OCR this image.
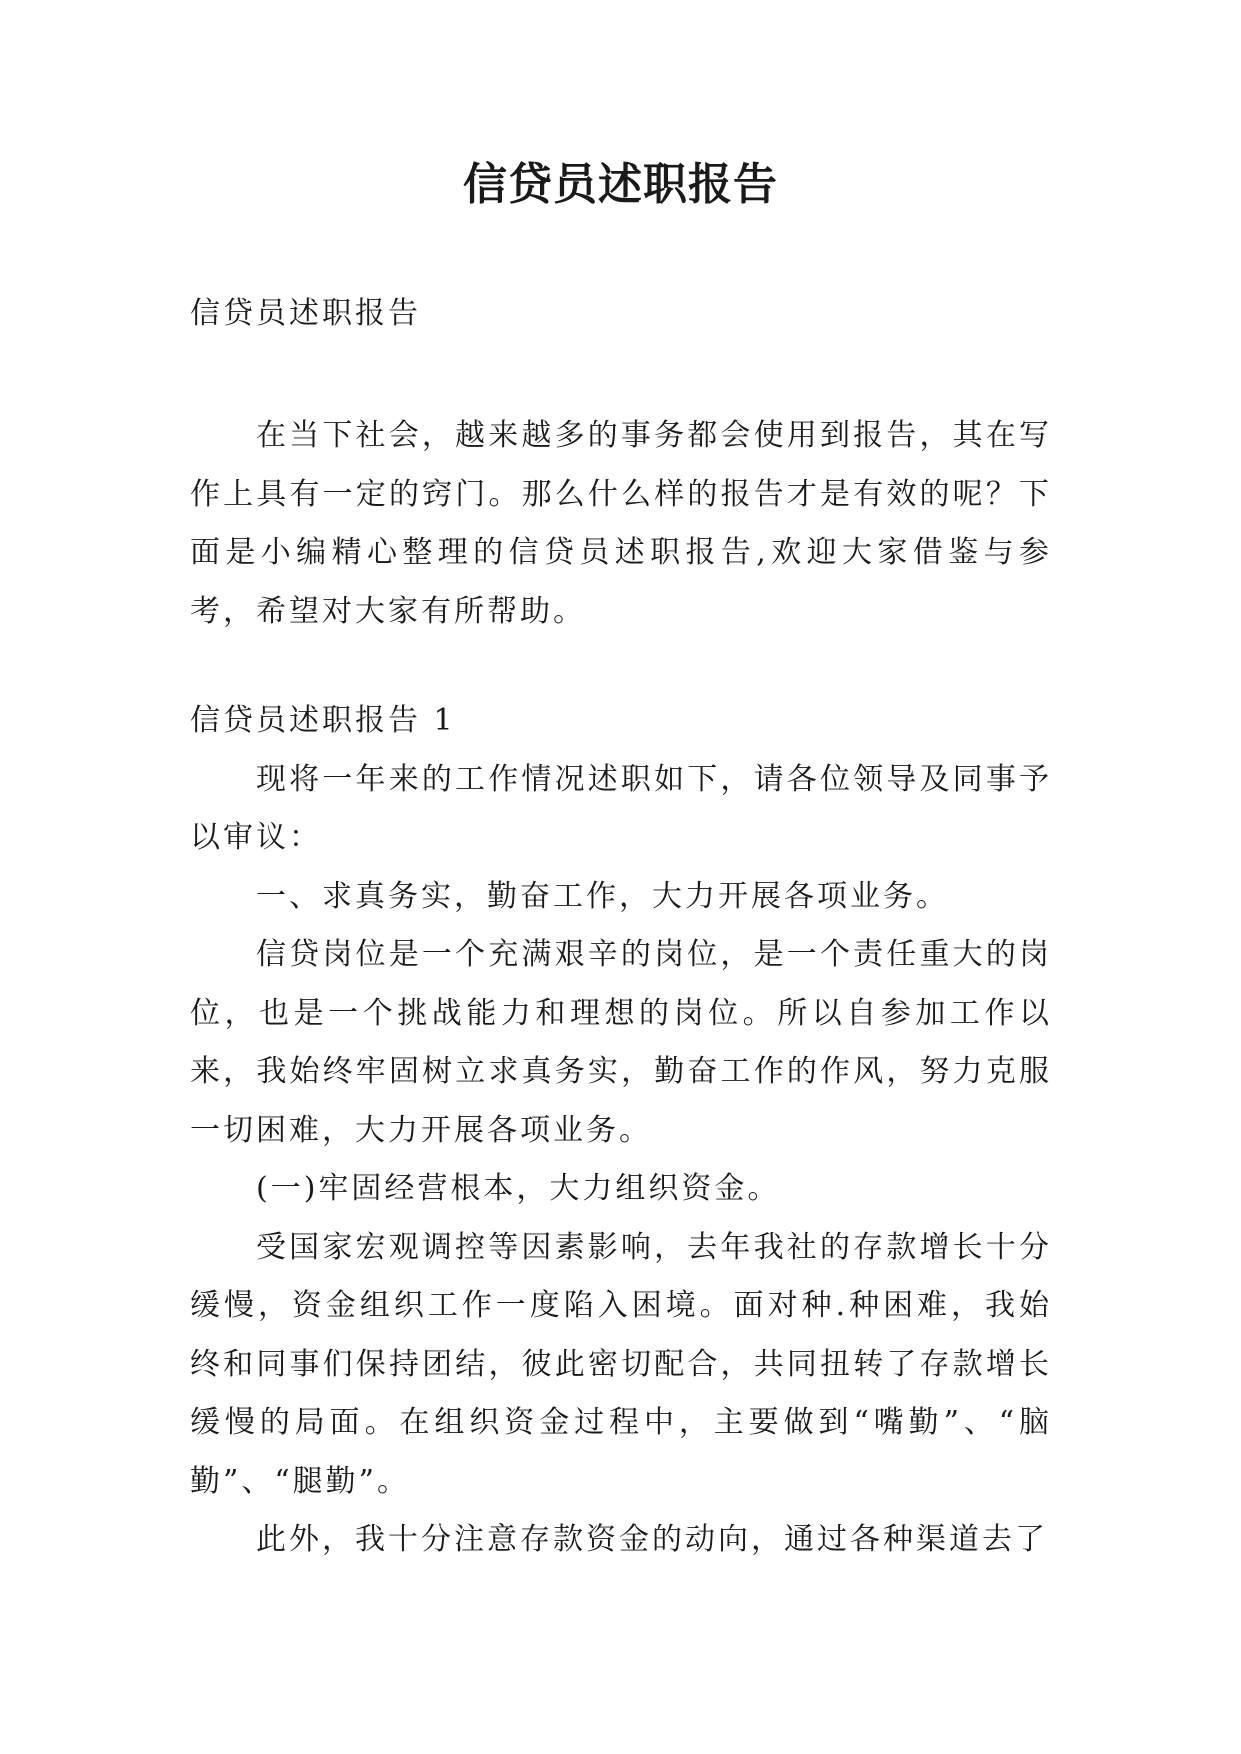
信贷员述职报告

信贷员述职报告

在当下社会，越来越多的事务都会使用到报告，其在写作上具有一定的窍门。那么什么样的报告才是有效的呢？下面是小编精心整理的信贷员述职报告,欢迎大家借鉴与参考，希望对大家有所帮助。

信贷员述职报告 1

现将一年来的工作情况述职如下，请各位领导及同事予以审议：

一、求真务实，勤奋工作，大力开展各项业务。

信贷岗位是一个充满艰辛的岗位，是一个责任重大的岗位，也是一个挑战能力和理想的岗位。所以自参加工作以来，我始终牢固树立求真务实，勤奋工作的作风，努力克服一切困难，大力开展各项业务。

(一)牢固经营根本，大力组织资金。

受国家宏观调控等因素影响，去年我社的存款增长十分缓慢，资金组织工作一度陷入困境。面对种.种困难，我始终和同事们保持团结，彼此密切配合，共同扭转了存款增长缓慢的局面。在组织资金过程中，主要做到“嘴勤”、“脑勤”、“腿勤”。

此外，我十分注意存款资金的动向，通过各种渠道去了
